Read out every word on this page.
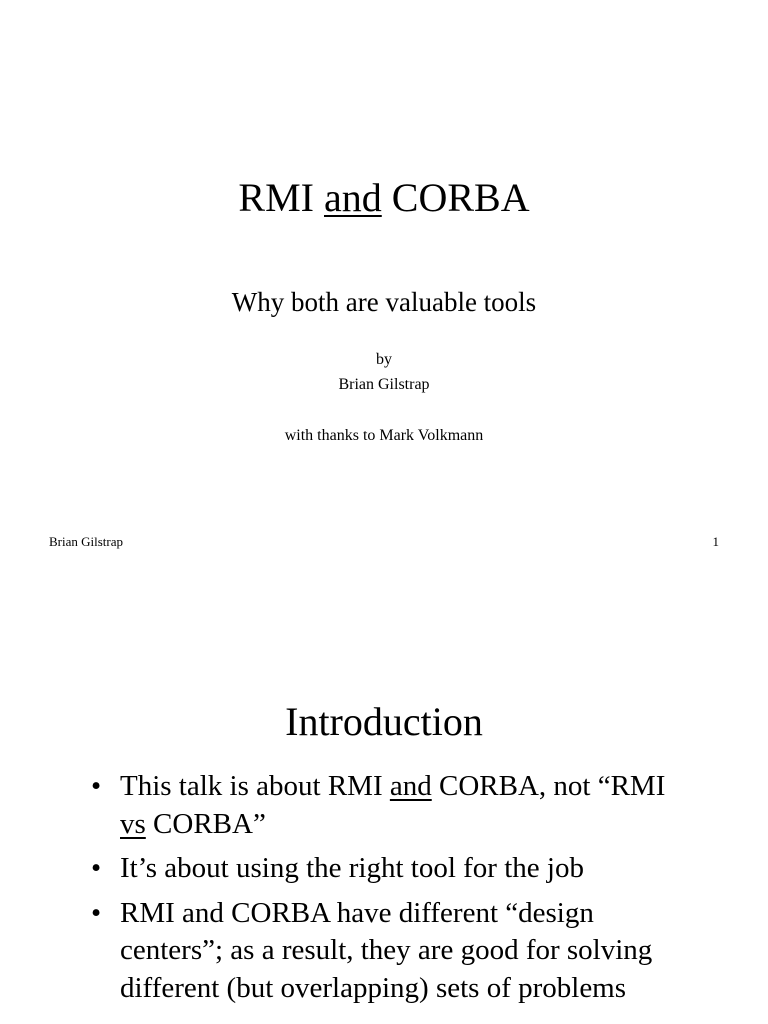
RMI and CORBA
Why both are valuable tools
by
Brian Gilstrap
with thanks to Mark Volkmann
Brian Gilstrap	1
Introduction
• This talk is about RMI and CORBA, not “RMI vs CORBA”
• It’s about using the right tool for the job
• RMI and CORBA have different “design centers”; as a result, they are good for solving different (but overlapping) sets of problems
